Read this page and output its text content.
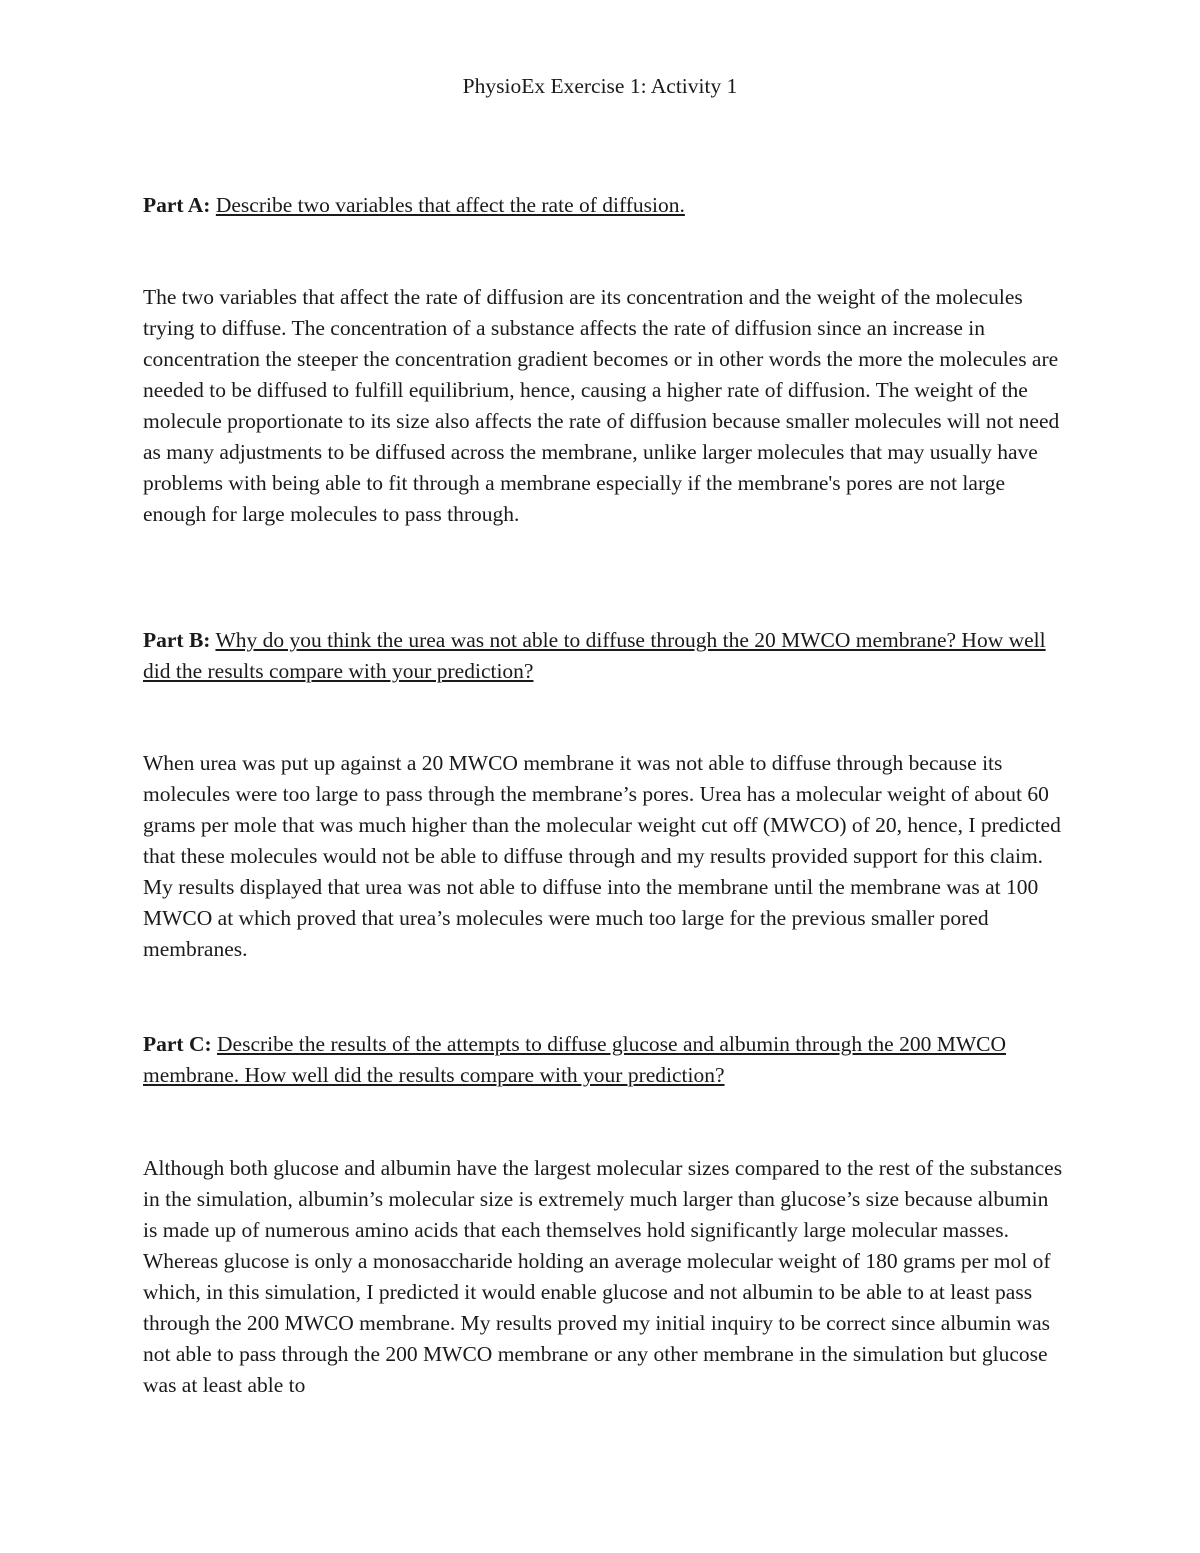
PhysioEx Exercise 1: Activity 1

Part A: Describe two variables that affect the rate of diffusion.

The two variables that affect the rate of diffusion are its concentration and the weight of the molecules trying to diffuse. The concentration of a substance affects the rate of diffusion since an increase in concentration the steeper the concentration gradient becomes or in other words the more the molecules are needed to be diffused to fulfill equilibrium, hence, causing a higher rate of diffusion. The weight of the molecule proportionate to its size also affects the rate of diffusion because smaller molecules will not need as many adjustments to be diffused across the membrane, unlike larger molecules that may usually have problems with being able to fit through a membrane especially if the membrane's pores are not large enough for large molecules to pass through.

Part B: Why do you think the urea was not able to diffuse through the 20 MWCO membrane? How well did the results compare with your prediction?

When urea was put up against a 20 MWCO membrane it was not able to diffuse through because its molecules were too large to pass through the membrane’s pores. Urea has a molecular weight of about 60 grams per mole that was much higher than the molecular weight cut off (MWCO) of 20, hence, I predicted that these molecules would not be able to diffuse through and my results provided support for this claim. My results displayed that urea was not able to diffuse into the membrane until the membrane was at 100 MWCO at which proved that urea’s molecules were much too large for the previous smaller pored membranes.

Part C: Describe the results of the attempts to diffuse glucose and albumin through the 200 MWCO membrane. How well did the results compare with your prediction?

Although both glucose and albumin have the largest molecular sizes compared to the rest of the substances in the simulation, albumin’s molecular size is extremely much larger than glucose’s size because albumin is made up of numerous amino acids that each themselves hold significantly large molecular masses. Whereas glucose is only a monosaccharide holding an average molecular weight of 180 grams per mol of which, in this simulation, I predicted it would enable glucose and not albumin to be able to at least pass through the 200 MWCO membrane. My results proved my initial inquiry to be correct since albumin was not able to pass through the 200 MWCO membrane or any other membrane in the simulation but glucose was at least able to
